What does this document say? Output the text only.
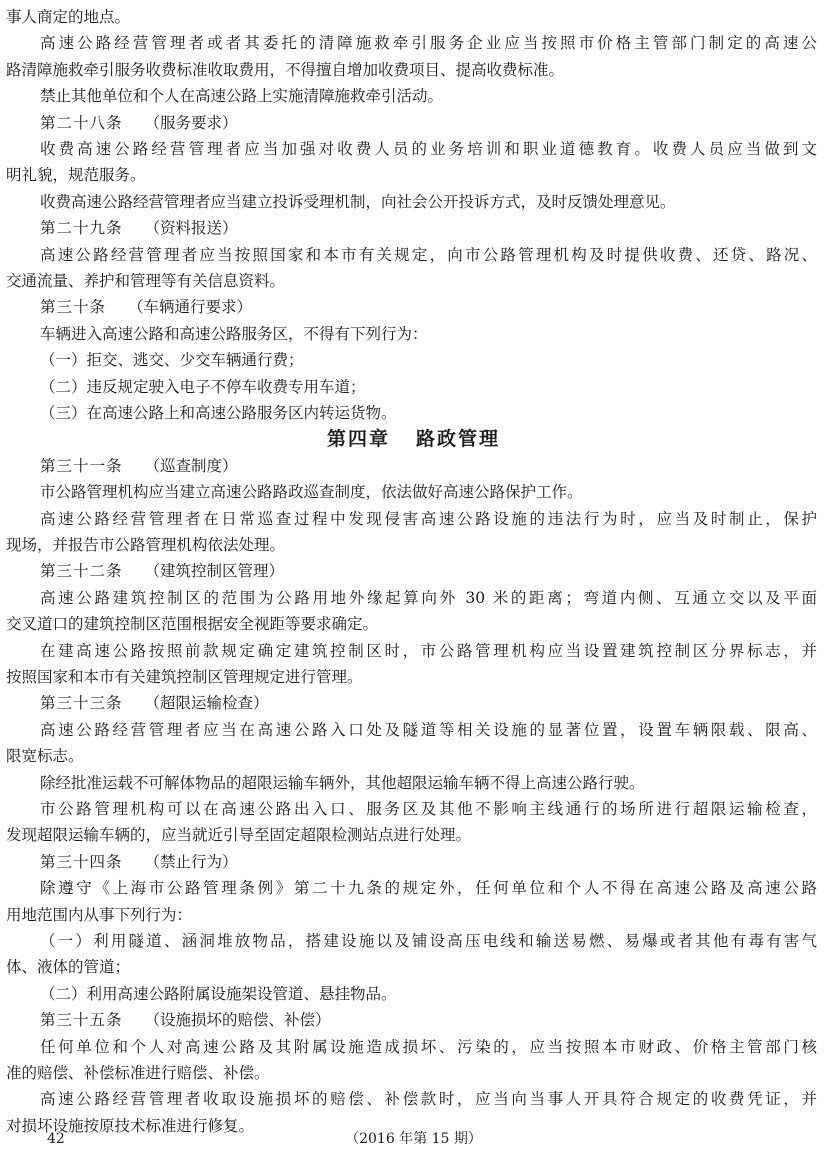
事人商定的地点。
高速公路经营管理者或者其委托的清障施救牵引服务企业应当按照市价格主管部门制定的高速公
路清障施救牵引服务收费标准收取费用，不得擅自增加收费项目、提高收费标准。
禁止其他单位和个人在高速公路上实施清障施救牵引活动。
第二十八条 （服务要求）
收费高速公路经营管理者应当加强对收费人员的业务培训和职业道德教育。收费人员应当做到文
明礼貌，规范服务。
收费高速公路经营管理者应当建立投诉受理机制，向社会公开投诉方式，及时反馈处理意见。
第二十九条 （资料报送）
高速公路经营管理者应当按照国家和本市有关规定，向市公路管理机构及时提供收费、还贷、路况、
交通流量、养护和管理等有关信息资料。
第三十条 （车辆通行要求）
车辆进入高速公路和高速公路服务区，不得有下列行为：
（一）拒交、逃交、少交车辆通行费；
（二）违反规定驶入电子不停车收费专用车道；
（三）在高速公路上和高速公路服务区内转运货物。
第四章 路政管理
第三十一条 （巡查制度）
市公路管理机构应当建立高速公路路政巡查制度，依法做好高速公路保护工作。
高速公路经营管理者在日常巡查过程中发现侵害高速公路设施的违法行为时，应当及时制止，保护
现场，并报告市公路管理机构依法处理。
第三十二条 （建筑控制区管理）
高速公路建筑控制区的范围为公路用地外缘起算向外 30 米的距离；弯道内侧、互通立交以及平面
交叉道口的建筑控制区范围根据安全视距等要求确定。
在建高速公路按照前款规定确定建筑控制区时，市公路管理机构应当设置建筑控制区分界标志，并
按照国家和本市有关建筑控制区管理规定进行管理。
第三十三条 （超限运输检查）
高速公路经营管理者应当在高速公路入口处及隧道等相关设施的显著位置，设置车辆限载、限高、
限宽标志。
除经批准运载不可解体物品的超限运输车辆外，其他超限运输车辆不得上高速公路行驶。
市公路管理机构可以在高速公路出入口、服务区及其他不影响主线通行的场所进行超限运输检查，
发现超限运输车辆的，应当就近引导至固定超限检测站点进行处理。
第三十四条 （禁止行为）
除遵守《上海市公路管理条例》第二十九条的规定外，任何单位和个人不得在高速公路及高速公路
用地范围内从事下列行为：
（一）利用隧道、涵洞堆放物品，搭建设施以及铺设高压电线和输送易燃、易爆或者其他有毒有害气
体、液体的管道；
（二）利用高速公路附属设施架设管道、悬挂物品。
第三十五条 （设施损坏的赔偿、补偿）
任何单位和个人对高速公路及其附属设施造成损坏、污染的，应当按照本市财政、价格主管部门核
准的赔偿、补偿标准进行赔偿、补偿。
高速公路经营管理者收取设施损坏的赔偿、补偿款时，应当向当事人开具符合规定的收费凭证，并
对损坏设施按原技术标准进行修复。
42	（2016 年第 15 期）
